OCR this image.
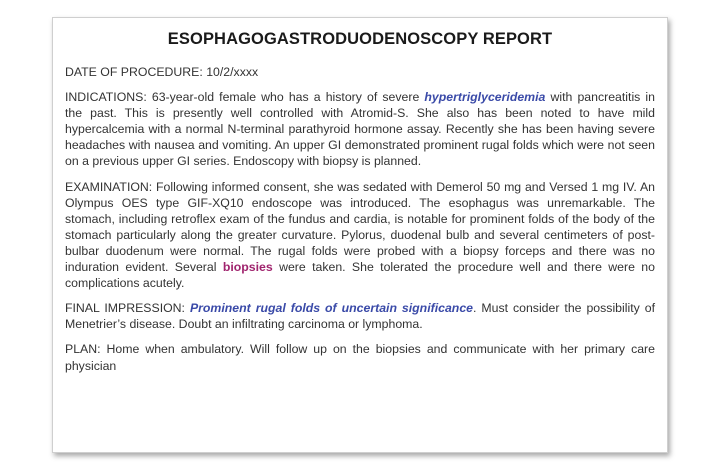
ESOPHAGOGASTRODUODENOSCOPY REPORT

DATE OF PROCEDURE: 10/2/xxxx

INDICATIONS: 63-year-old female who has a history of severe hypertriglyceridemia with pancreatitis in the past. This is presently well controlled with Atromid-S. She also has been noted to have mild hypercalcemia with a normal N-terminal parathyroid hormone assay. Recently she has been having severe headaches with nausea and vomiting. An upper GI demonstrated prominent rugal folds which were not seen on a previous upper GI series. Endoscopy with biopsy is planned.

EXAMINATION: Following informed consent, she was sedated with Demerol 50 mg and Versed 1 mg IV. An Olympus OES type GIF-XQ10 endoscope was introduced. The esophagus was unremarkable. The stomach, including retroflex exam of the fundus and cardia, is notable for prominent folds of the body of the stomach particularly along the greater curvature. Pylorus, duodenal bulb and several centimeters of post-bulbar duodenum were normal. The rugal folds were probed with a biopsy forceps and there was no induration evident. Several biopsies were taken. She tolerated the procedure well and there were no complications acutely.

FINAL IMPRESSION: Prominent rugal folds of uncertain significance. Must consider the possibility of Menetrier’s disease. Doubt an infiltrating carcinoma or lymphoma.

PLAN: Home when ambulatory. Will follow up on the biopsies and communicate with her primary care physician
